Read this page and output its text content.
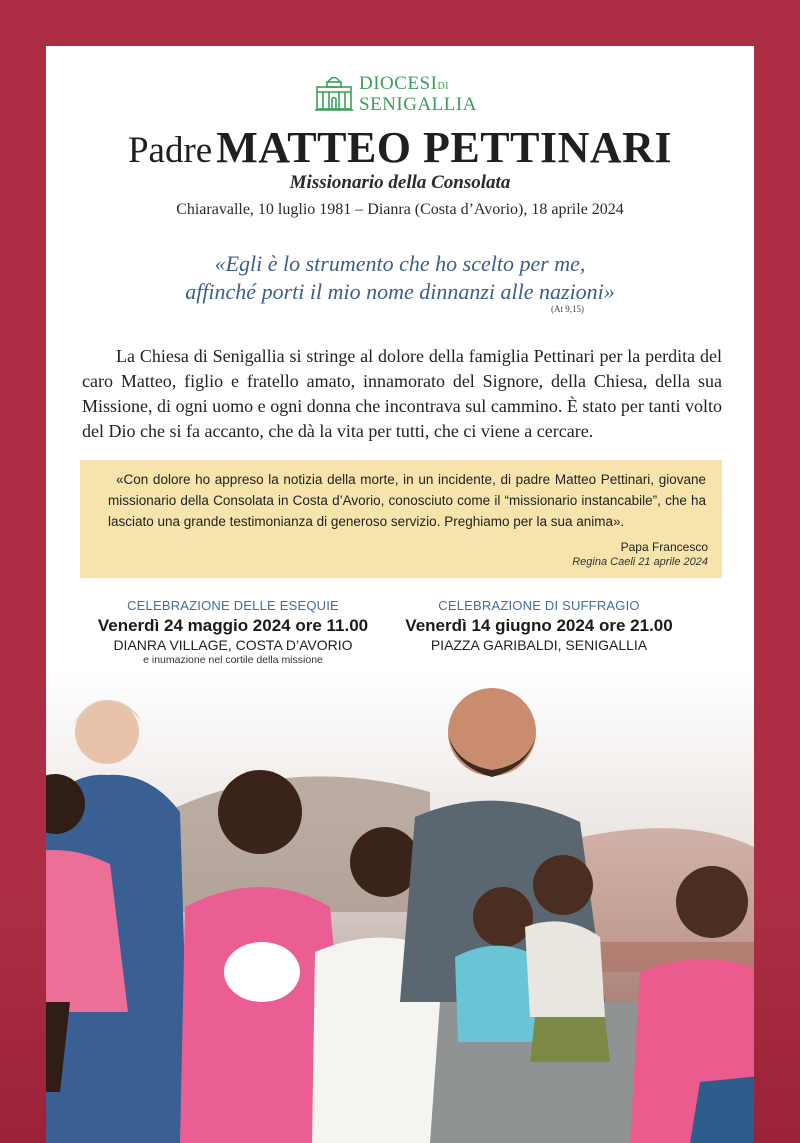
DIOCESIDI
SENIGALLIA
Padre MATTEO PETTINARI
Missionario della Consolata
Chiaravalle, 10 luglio 1981 – Dianra (Costa d’Avorio), 18 aprile 2024
«Egli è lo strumento che ho scelto per me,
affinché porti il mio nome dinnanzi alle nazioni»
(At 9,15)

La Chiesa di Senigallia si stringe al dolore della famiglia Pettinari per la perdita del caro Matteo, figlio e fratello amato, innamorato del Signore, della Chiesa, della sua Missione, di ogni uomo e ogni donna che incontrava sul cammino. È stato per tanti volto del Dio che si fa accanto, che dà la vita per tutti, che ci viene a cercare.

«Con dolore ho appreso la notizia della morte, in un incidente, di padre Matteo Pettinari, giovane missionario della Consolata in Costa d’Avorio, conosciuto come il “missionario instancabile”, che ha lasciato una grande testimonianza di generoso servizio. Preghiamo per la sua anima».

Papa Francesco
Regina Caeli 21 aprile 2024
CELEBRAZIONE DELLE ESEQUIE
Venerdì 24 maggio 2024 ore 11.00
DIANRA VILLAGE, COSTA D’AVORIO
e inumazione nel cortile della missione
CELEBRAZIONE DI SUFFRAGIO
Venerdì 14 giugno 2024 ore 21.00
PIAZZA GARIBALDI, SENIGALLIA
